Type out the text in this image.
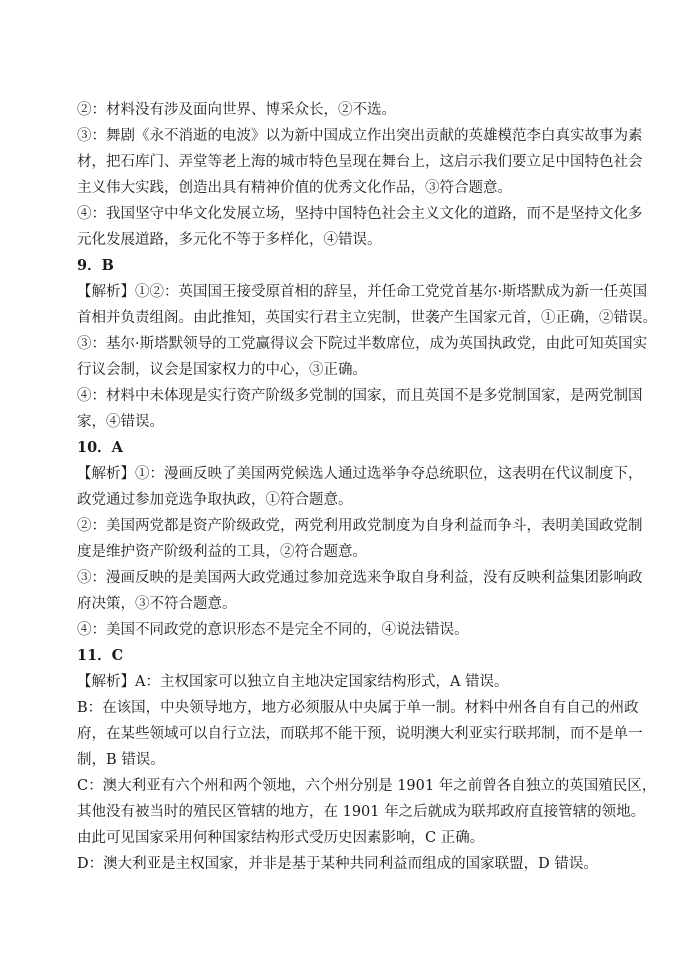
②：材料没有涉及面向世界、博采众长，②不选。
③：舞剧《永不消逝的电波》以为新中国成立作出突出贡献的英雄模范李白真实故事为素
材，把石库门、弄堂等老上海的城市特色呈现在舞台上，这启示我们要立足中国特色社会
主义伟大实践，创造出具有精神价值的优秀文化作品，③符合题意。
④：我国坚守中华文化发展立场，坚持中国特色社会主义文化的道路，而不是坚持文化多
元化发展道路，多元化不等于多样化，④错误。
9．B
【解析】①②：英国国王接受原首相的辞呈，并任命工党党首基尔·斯塔默成为新一任英国
首相并负责组阁。由此推知，英国实行君主立宪制，世袭产生国家元首，①正确，②错误。
③：基尔·斯塔默领导的工党赢得议会下院过半数席位，成为英国执政党，由此可知英国实
行议会制，议会是国家权力的中心，③正确。
④：材料中未体现是实行资产阶级多党制的国家，而且英国不是多党制国家，是两党制国
家，④错误。
10．A
【解析】①：漫画反映了美国两党候选人通过选举争夺总统职位，这表明在代议制度下，
政党通过参加竞选争取执政，①符合题意。
②：美国两党都是资产阶级政党，两党利用政党制度为自身利益而争斗，表明美国政党制
度是维护资产阶级利益的工具，②符合题意。
③：漫画反映的是美国两大政党通过参加竞选来争取自身利益，没有反映利益集团影响政
府决策，③不符合题意。
④：美国不同政党的意识形态不是完全不同的，④说法错误。
11．C
【解析】A：主权国家可以独立自主地决定国家结构形式，A 错误。
B：在该国，中央领导地方，地方必须服从中央属于单一制。材料中州各自有自己的州政
府，在某些领域可以自行立法，而联邦不能干预，说明澳大利亚实行联邦制，而不是单一
制，B 错误。
C：澳大利亚有六个州和两个领地，六个州分别是 1901 年之前曾各自独立的英国殖民区，
其他没有被当时的殖民区管辖的地方，在 1901 年之后就成为联邦政府直接管辖的领地。
由此可见国家采用何种国家结构形式受历史因素影响，C 正确。
D：澳大利亚是主权国家，并非是基于某种共同利益而组成的国家联盟，D 错误。
